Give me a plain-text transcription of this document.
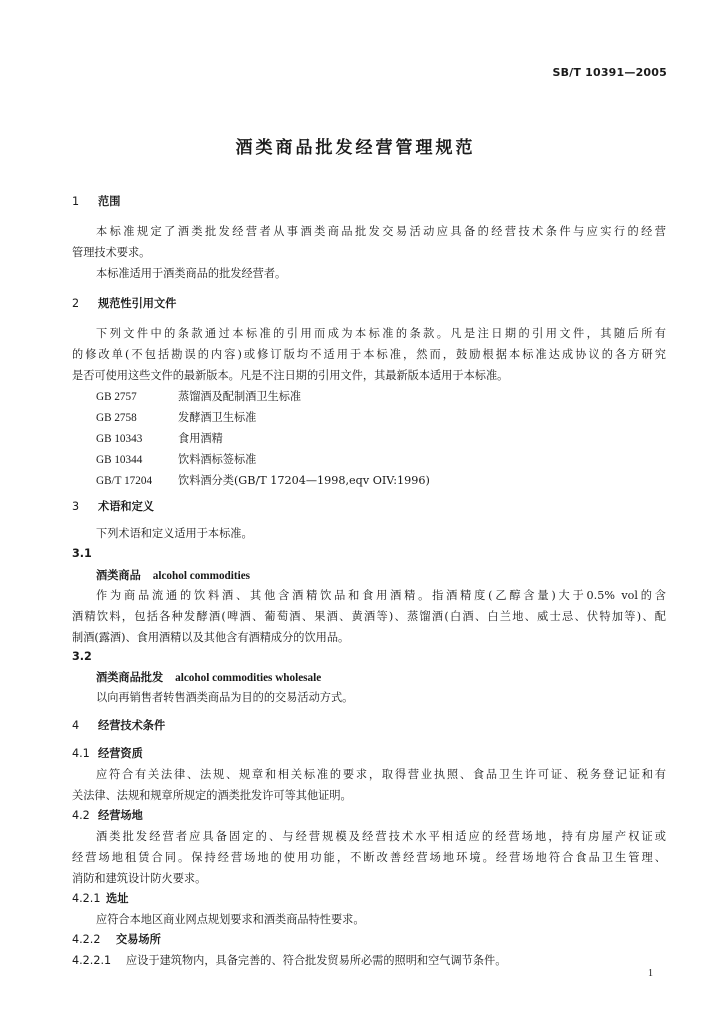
SB/T 10391—2005
酒类商品批发经营管理规范
1 范围
本标准规定了酒类批发经营者从事酒类商品批发交易活动应具备的经营技术条件与应实行的经营
管理技术要求。
本标准适用于酒类商品的批发经营者。
2 规范性引用文件
下列文件中的条款通过本标准的引用而成为本标准的条款。凡是注日期的引用文件，其随后所有
的修改单(不包括勘误的内容)或修订版均不适用于本标准，然而，鼓励根据本标准达成协议的各方研究
是否可使用这些文件的最新版本。凡是不注日期的引用文件，其最新版本适用于本标准。
GB 2757	蒸馏酒及配制酒卫生标准
GB 2758	发酵酒卫生标准
GB 10343	食用酒精
GB 10344	饮料酒标签标准
GB/T 17204 饮料酒分类(GB/T 17204—1998,eqv OIV:1996)
3 术语和定义
下列术语和定义适用于本标准。
3.1
酒类商品 alcohol commodities
作为商品流通的饮料酒、其他含酒精饮品和食用酒精。指酒精度(乙醇含量)大于0.5% vol的含
酒精饮料，包括各种发酵酒(啤酒、葡萄酒、果酒、黄酒等)、蒸馏酒(白酒、白兰地、威士忌、伏特加等)、配
制酒(露酒)、食用酒精以及其他含有酒精成分的饮用品。
3.2
酒类商品批发 alcohol commodities wholesale
以向再销售者转售酒类商品为目的的交易活动方式。
4 经营技术条件
4.1 经营资质
应符合有关法律、法规、规章和相关标准的要求，取得营业执照、食品卫生许可证、税务登记证和有
关法律、法规和规章所规定的酒类批发许可等其他证明。
4.2 经营场地
酒类批发经营者应具备固定的、与经营规模及经营技术水平相适应的经营场地，持有房屋产权证或
经营场地租赁合同。保持经营场地的使用功能，不断改善经营场地环境。经营场地符合食品卫生管理、
消防和建筑设计防火要求。
4.2.1 选址
应符合本地区商业网点规划要求和酒类商品特性要求。
4.2.2 交易场所
4.2.2.1 应设于建筑物内，具备完善的、符合批发贸易所必需的照明和空气调节条件。
1
